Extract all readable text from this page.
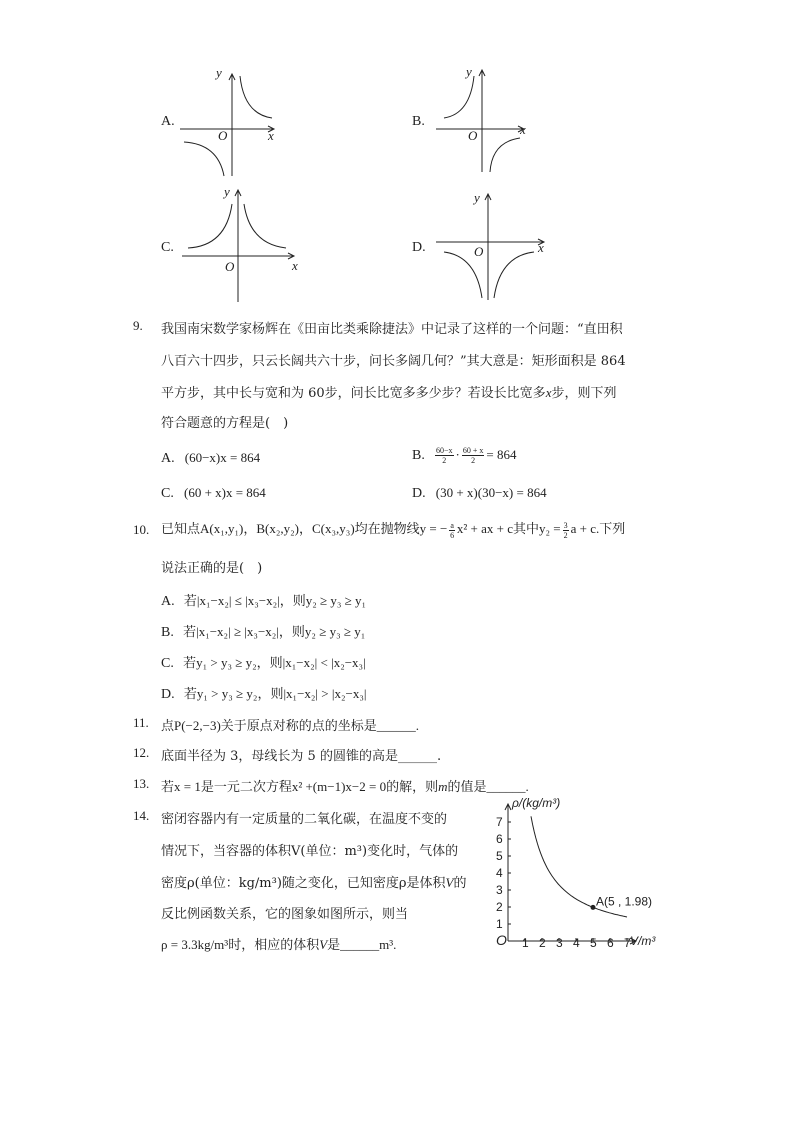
A.
y
x
O
B.
y
x
O
C.
y
x
O
D.
y
x
O
9. 我国南宋数学家杨辉在《田亩比类乘除捷法》中记录了这样的一个问题：“直田积
八百六十四步，只云长阔共六十步，问长多阔几何？”其大意是：矩形面积是 864
平方步，其中长与宽和为 60步，问长比宽多多少步？若设长比宽多x步，则下列
符合题意的方程是(　)
A. (60−x)x = 864	B. $\frac{60-x}{2} \cdot \frac{60 + x}{2} = 864$
C. (60 + x)x = 864	D. (30 + x)(30−x) = 864
10. 已知点A(x₁,y₁)，B(x₂,y₂)，C(x₃,y₃)均在抛物线y = − $\frac{a}{6} x^2$ + ax + c其中$y_2 = \frac{3}{2}$ a + c.下列
说法正确的是(　)
A. 若|x₁−x₂| ≤ |x₃−x₂|，则y₂ ≥ y₃ ≥ y₁
B. 若|x₁−x₂| ≥ |x₃−x₂|，则y₂ ≥ y₃ ≥ y₁
C. 若y₁ > y₃ ≥ y₂，则|x₁−x₂| < |x₂−x₃|
D. 若y₁ > y₃ ≥ y₂，则|x₁−x₂| > |x₂−x₃|
11. 点P(−2,−3)关于原点对称的点的坐标是______.
12. 底面半径为 3，母线长为 5 的圆锥的高是______.
13. 若x = 1是一元二次方程x² +(m−1)x−2 = 0的解，则m的值是______.
14. 密闭容器内有一定质量的二氧化碳，在温度不变的
情况下，当容器的体积V(单位：m³)变化时，气体的
密度ρ(单位：kg/m³)随之变化，已知密度ρ是体积V的
反比例函数关系，它的图象如图所示，则当
ρ = 3.3kg/m³时，相应的体积V是______m³.	1 2 3 4 5 6 7
1
2
3
4
5
6
7
A(5 , 1.98)
ρ/(kg/m³)
V/m³
O
